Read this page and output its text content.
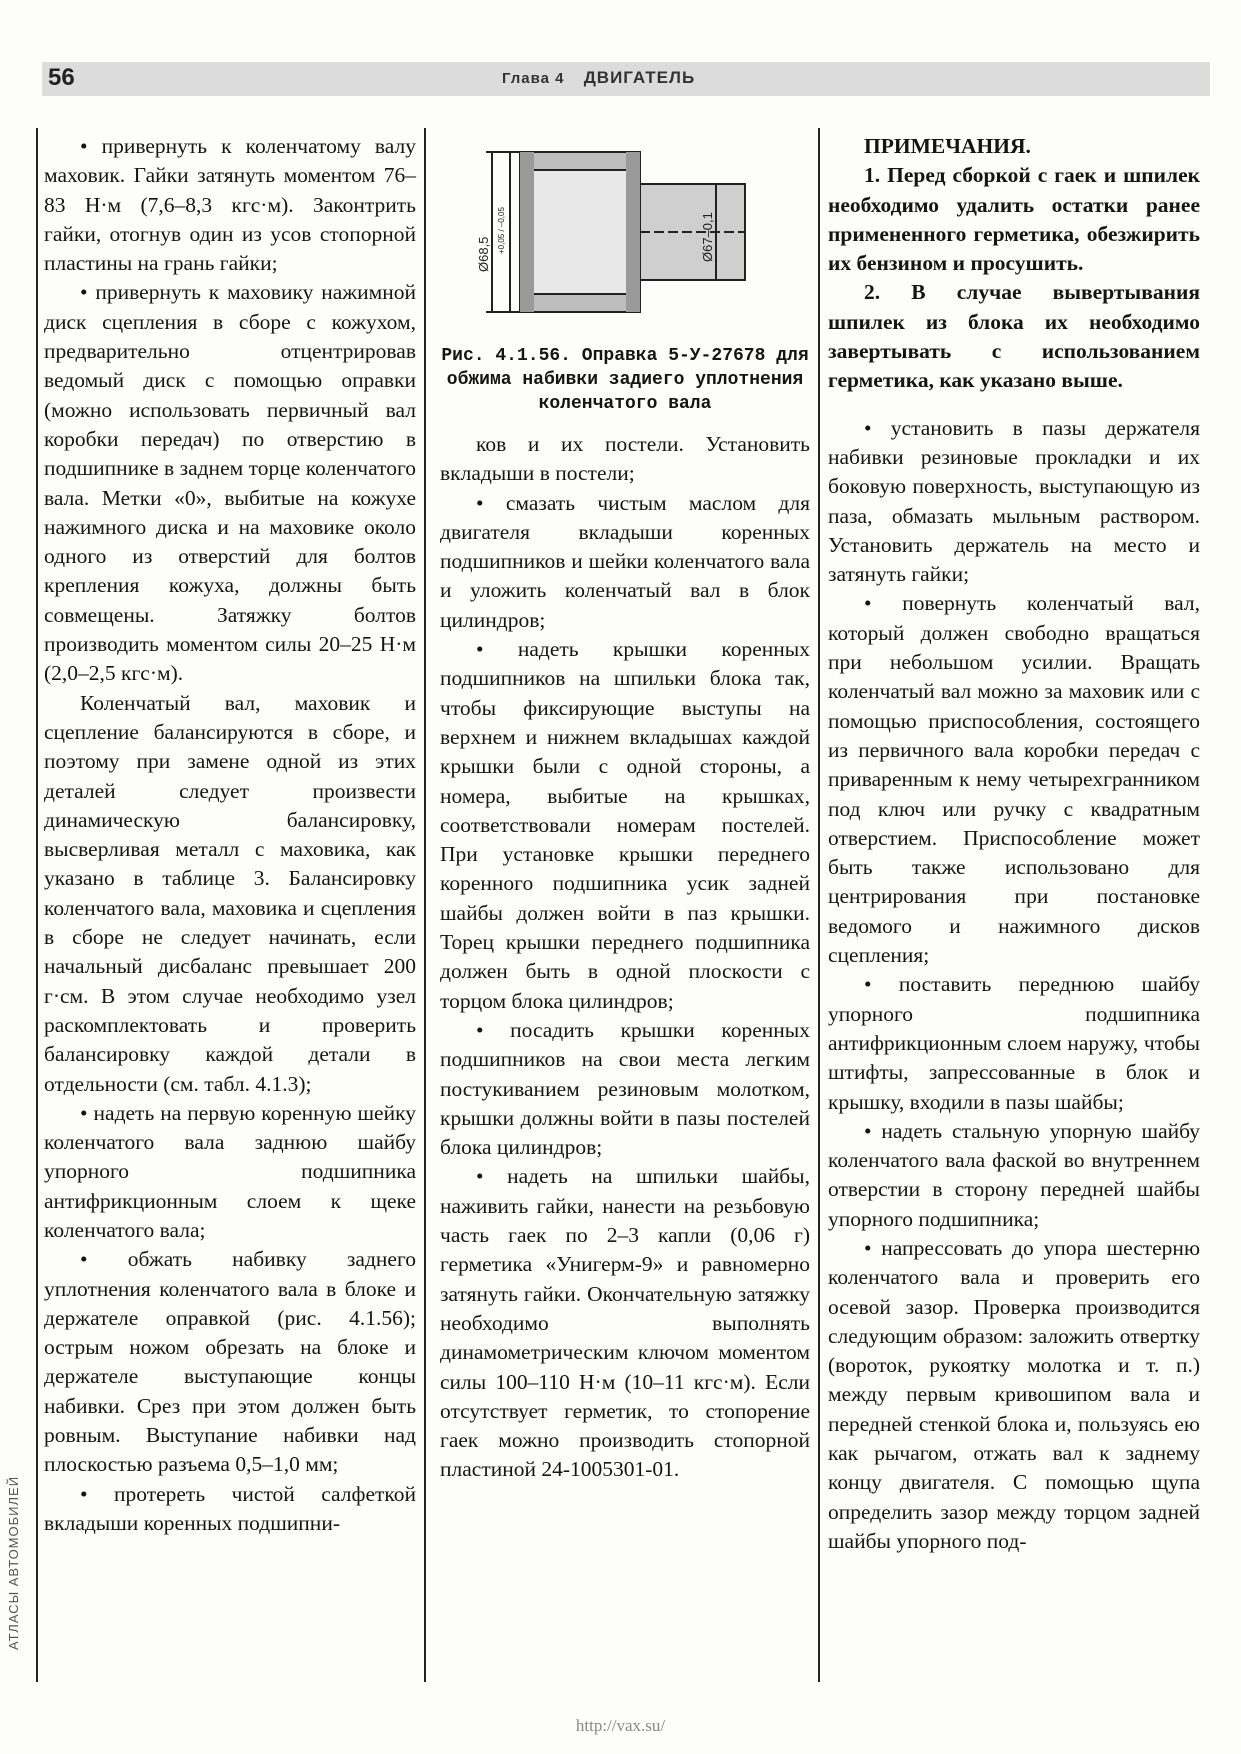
56	Глава 4 ДВИГАТЕЛЬ

• привернуть к коленчатому валу маховик. Гайки затянуть моментом 76–83 Н·м (7,6–8,3 кгс·м). Законтрить гайки, отогнув один из усов стопорной пластины на грань гайки;

• привернуть к маховику нажимной диск сцепления в сборе с кожухом, предварительно отцентрировав ведомый диск с помощью оправки (можно использовать первичный вал коробки передач) по отверстию в подшипнике в заднем торце коленчатого вала. Метки «0», выбитые на кожухе нажимного диска и на маховике около одного из отверстий для болтов крепления кожуха, должны быть совмещены. Затяжку болтов производить моментом силы 20–25 Н·м (2,0–2,5 кгс·м).

Коленчатый вал, маховик и сцепление балансируются в сборе, и поэтому при замене одной из этих деталей следует произвести динамическую балансировку, высверливая металл с маховика, как указано в таблице 3. Балансировку коленчатого вала, маховика и сцепления в сборе не следует начинать, если начальный дисбаланс превышает 200 г·см. В этом случае необходимо узел раскомплектовать и проверить балансировку каждой детали в отдельности (см. табл. 4.1.3);

• надеть на первую коренную шейку коленчатого вала заднюю шайбу упорного подшипника антифрикционным слоем к щеке коленчатого вала;

• обжать набивку заднего уплотнения коленчатого вала в блоке и держателе оправкой (рис. 4.1.56); острым ножом обрезать на блоке и держателе выступающие концы набивки. Срез при этом должен быть ровным. Выступание набивки над плоскостью разъема 0,5–1,0 мм;

• протереть чистой салфеткой вкладыши коренных подшипни-

Ø68,5
+0,05 / –0,05	Ø67–0,1
Рис. 4.1.56. Оправка 5-У-27678 для обжима набивки задиего уплотнения коленчатого вала

ков и их постели. Установить вкладыши в постели;

• смазать чистым маслом для двигателя вкладыши коренных подшипников и шейки коленчатого вала и уложить коленчатый вал в блок цилиндров;

• надеть крышки коренных подшипников на шпильки блока так, чтобы фиксирующие выступы на верхнем и нижнем вкладышах каждой крышки были с одной стороны, а номера, выбитые на крышках, соответствовали номерам постелей. При установке крышки переднего коренного подшипника усик задней шайбы должен войти в паз крышки. Торец крышки переднего подшипника должен быть в одной плоскости с торцом блока цилиндров;

• посадить крышки коренных подшипников на свои места легким постукиванием резиновым молотком, крышки должны войти в пазы постелей блока цилиндров;

• надеть на шпильки шайбы, наживить гайки, нанести на резьбовую часть гаек по 2–3 капли (0,06 г) герметика «Унигерм-9» и равномерно затянуть гайки. Окончательную затяжку необходимо выполнять динамометрическим ключом моментом силы 100–110 Н·м (10–11 кгс·м). Если отсутствует герметик, то стопорение гаек можно производить стопорной пластиной 24-1005301-01.

ПРИМЕЧАНИЯ.

1. Перед сборкой с гаек и шпилек необходимо удалить остатки ранее примененного герметика, обезжирить их бензином и просушить.

2. В случае вывертывания шпилек из блока их необходимо завертывать с использованием герметика, как указано выше.

• установить в пазы держателя набивки резиновые прокладки и их боковую поверхность, выступающую из паза, обмазать мыльным раствором. Установить держатель на место и затянуть гайки;

• повернуть коленчатый вал, который должен свободно вращаться при небольшом усилии. Вращать коленчатый вал можно за маховик или с помощью приспособления, состоящего из первичного вала коробки передач с приваренным к нему четырехгранником под ключ или ручку с квадратным отверстием. Приспособление может быть также использовано для центрирования при постановке ведомого и нажимного дисков сцепления;

• поставить переднюю шайбу упорного подшипника антифрикционным слоем наружу, чтобы штифты, запрессованные в блок и крышку, входили в пазы шайбы;

• надеть стальную упорную шайбу коленчатого вала фаской во внутреннем отверстии в сторону передней шайбы упорного подшипника;

• напрессовать до упора шестерню коленчатого вала и проверить его осевой зазор. Проверка производится следующим образом: заложить отвертку (вороток, рукоятку молотка и т. п.) между первым кривошипом вала и передней стенкой блока и, пользуясь ею как рычагом, отжать вал к заднему концу двигателя. С помощью щупа определить зазор между торцом задней шайбы упорного под-

АТЛАСЫ АВТОМОБИЛЕЙ
http://vax.su/
